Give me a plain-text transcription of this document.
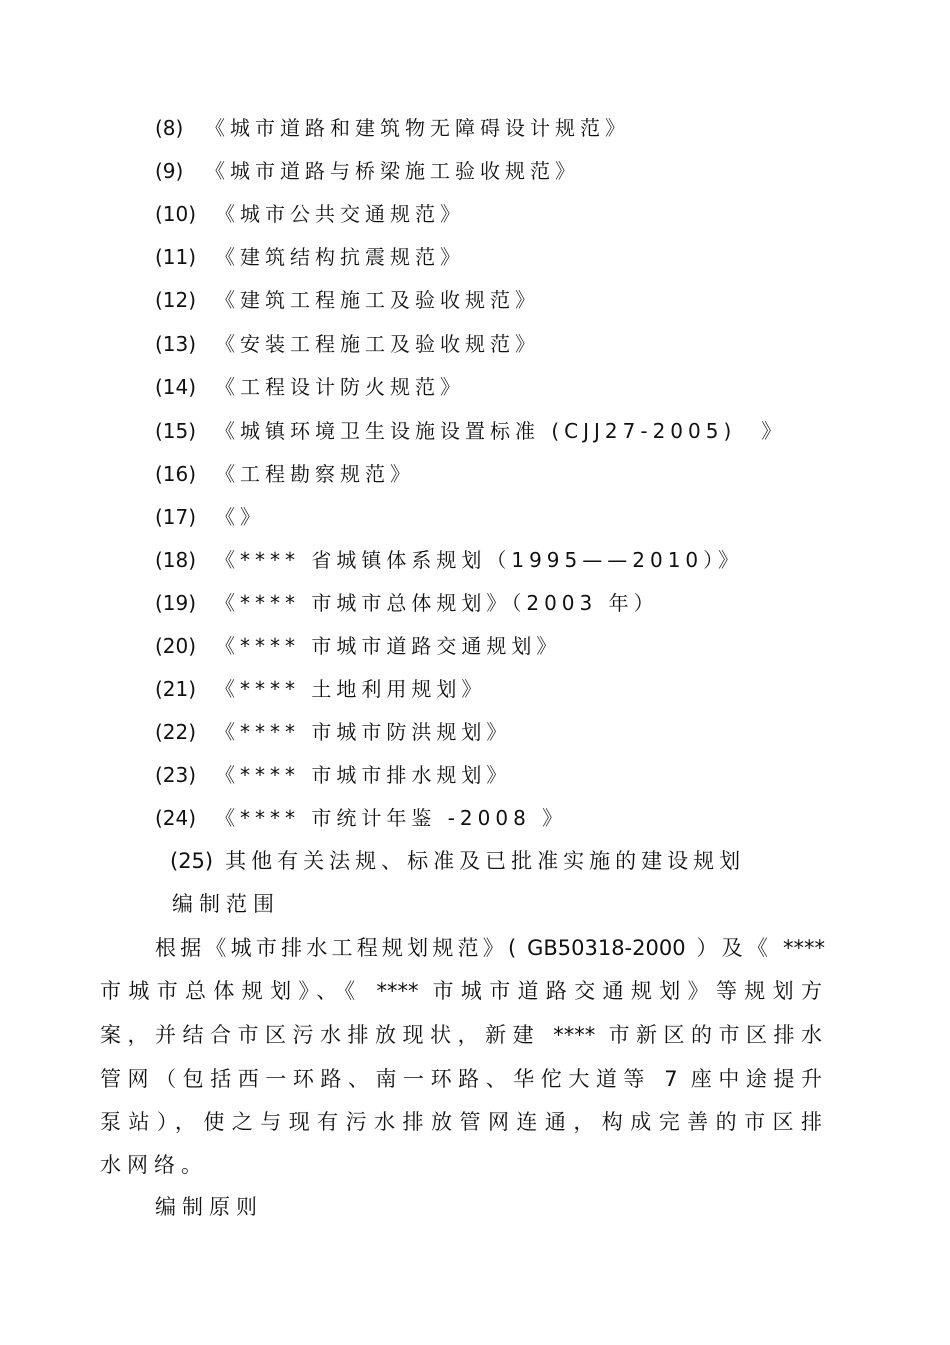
(8) 《城市道路和建筑物无障碍设计规范》
(9) 《城市道路与桥梁施工验收规范》
(10) 《城市公共交通规范》
(11) 《建筑结构抗震规范》
(12) 《建筑工程施工及验收规范》
(13) 《安装工程施工及验收规范》
(14) 《工程设计防火规范》
(15) 《城镇环境卫生设施设置标准 (CJJ27-2005)　》
(16) 《工程勘察规范》
(17) 《》
(18) 《**** 省城镇体系规划（1995——2010）》
(19) 《**** 市城市总体规划》（2003 年）
(20) 《**** 市城市道路交通规划》
(21) 《**** 土地利用规划》
(22) 《**** 市城市防洪规划》
(23) 《**** 市城市排水规划》
(24) 《**** 市统计年鉴 -2008 》
(25) 其他有关法规、标准及已批准实施的建设规划
编制范围
根据《城市排水工程规划规范》( GB50318-2000 ）及《 ****
市城市总体规划》、《 **** 市城市道路交通规划》等规划方
案，并结合市区污水排放现状，新建 **** 市新区的市区排水
管网（包括西一环路、南一环路、华佗大道等 7 座中途提升
泵站），使之与现有污水排放管网连通，构成完善的市区排
水网络。
编制原则
